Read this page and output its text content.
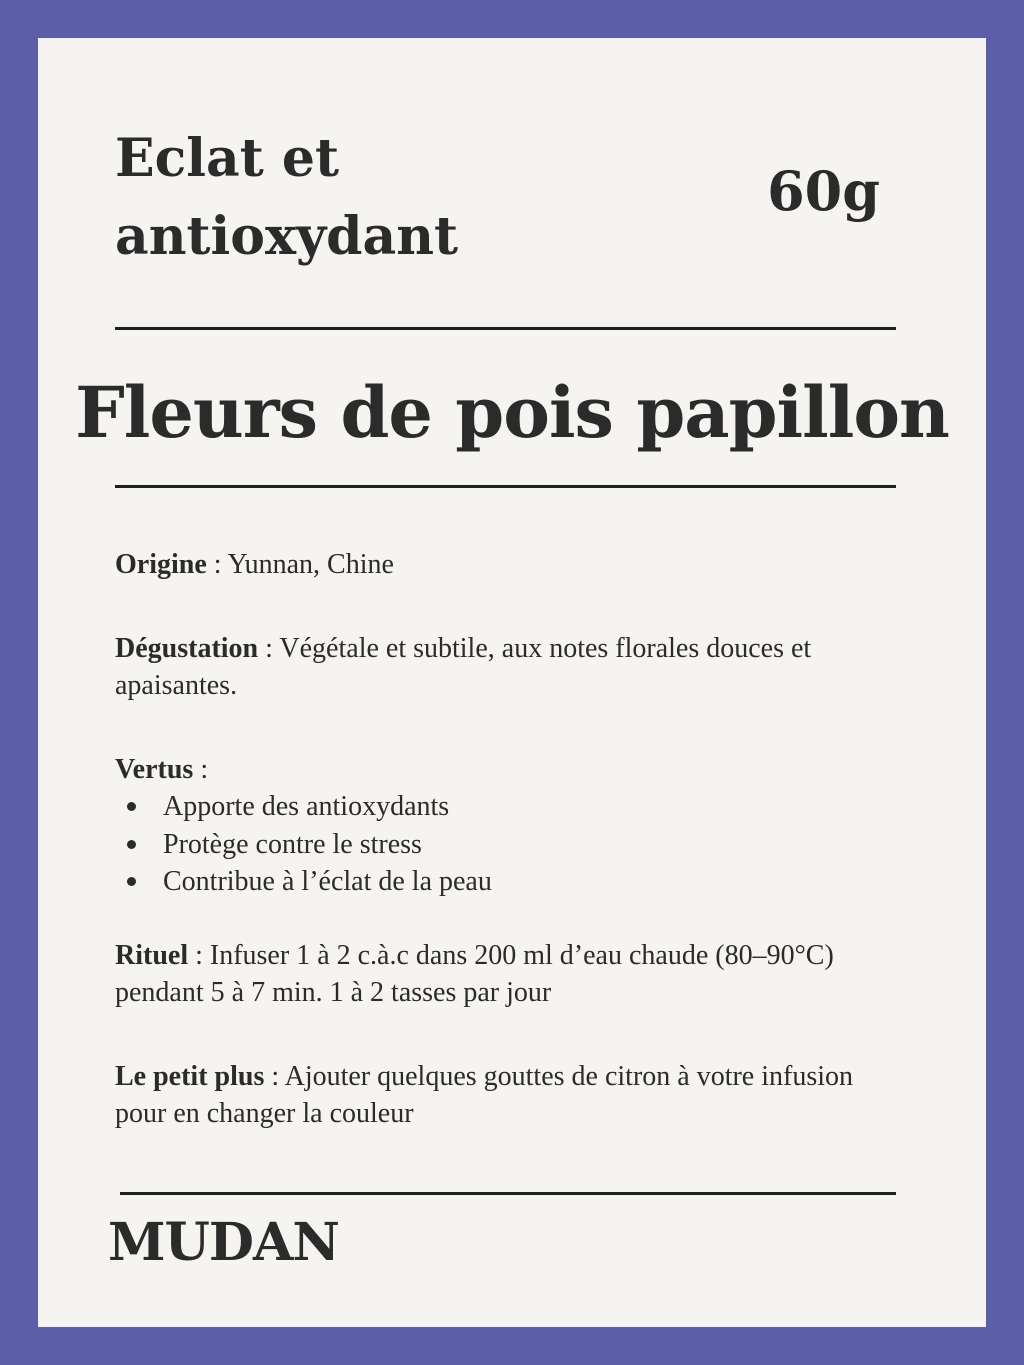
Eclat et antioxydant
60g
Fleurs de pois papillon

Origine : Yunnan, Chine

Dégustation : Végétale et subtile, aux notes florales douces et apaisantes.

Vertus :

Apporte des antioxydants
Protège contre le stress
Contribue à l’éclat de la peau

Rituel : Infuser 1 à 2 c.à.c dans 200 ml d’eau chaude (80–90°C) pendant 5 à 7 min. 1 à 2 tasses par jour

Le petit plus : Ajouter quelques gouttes de citron à votre infusion pour en changer la couleur

MUDAN
